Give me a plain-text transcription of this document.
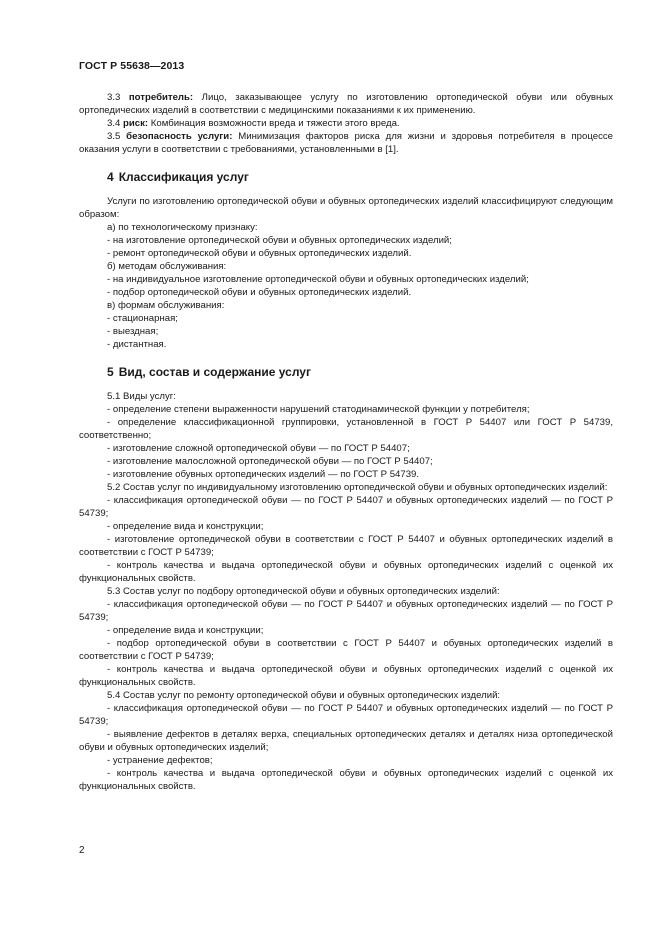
ГОСТ Р 55638—2013

3.3 потребитель: Лицо, заказывающее услугу по изготовлению ортопедической обуви или обувных ортопедических изделий в соответствии с медицинскими показаниями к их применению.

3.4 риск: Комбинация возможности вреда и тяжести этого вреда.

3.5 безопасность услуги: Минимизация факторов риска для жизни и здоровья потребителя в процессе оказания услуги в соответствии с требованиями, установленными в [1].

4 Классификация услуг

Услуги по изготовлению ортопедической обуви и обувных ортопедических изделий классифицируют следующим образом:

а) по технологическому признаку:

- на изготовление ортопедической обуви и обувных ортопедических изделий;

- ремонт ортопедической обуви и обувных ортопедических изделий.

б) методам обслуживания:

- на индивидуальное изготовление ортопедической обуви и обувных ортопедических изделий;

- подбор ортопедической обуви и обувных ортопедических изделий.

в) формам обслуживания:

- стационарная;

- выездная;

- дистантная.

5 Вид, состав и содержание услуг

5.1 Виды услуг:

- определение степени выраженности нарушений статодинамической функции у потребителя;

- определение классификационной группировки, установленной в ГОСТ Р 54407 или ГОСТ Р 54739, соответственно;

- изготовление сложной ортопедической обуви — по ГОСТ Р 54407;

- изготовление малосложной ортопедической обуви — по ГОСТ Р 54407;

- изготовление обувных ортопедических изделий — по ГОСТ Р 54739.

5.2 Состав услуг по индивидуальному изготовлению ортопедической обуви и обувных ортопедических изделий:

- классификация ортопедической обуви — по ГОСТ Р 54407 и обувных ортопедических изделий — по ГОСТ Р 54739;

- определение вида и конструкции;

- изготовление ортопедической обуви в соответствии с ГОСТ Р 54407 и обувных ортопедических изделий в соответствии с ГОСТ Р 54739;

- контроль качества и выдача ортопедической обуви и обувных ортопедических изделий с оценкой их функциональных свойств.

5.3 Состав услуг по подбору ортопедической обуви и обувных ортопедических изделий:

- классификация ортопедической обуви — по ГОСТ Р 54407 и обувных ортопедических изделий — по ГОСТ Р 54739;

- определение вида и конструкции;

- подбор ортопедической обуви в соответствии с ГОСТ Р 54407 и обувных ортопедических изделий в соответствии с ГОСТ Р 54739;

- контроль качества и выдача ортопедической обуви и обувных ортопедических изделий с оценкой их функциональных свойств.

5.4 Состав услуг по ремонту ортопедической обуви и обувных ортопедических изделий:

- классификация ортопедической обуви — по ГОСТ Р 54407 и обувных ортопедических изделий — по ГОСТ Р 54739;

- выявление дефектов в деталях верха, специальных ортопедических деталях и деталях низа ортопедической обуви и обувных ортопедических изделий;

- устранение дефектов;

- контроль качества и выдача ортопедической обуви и обувных ортопедических изделий с оценкой их функциональных свойств.

2
